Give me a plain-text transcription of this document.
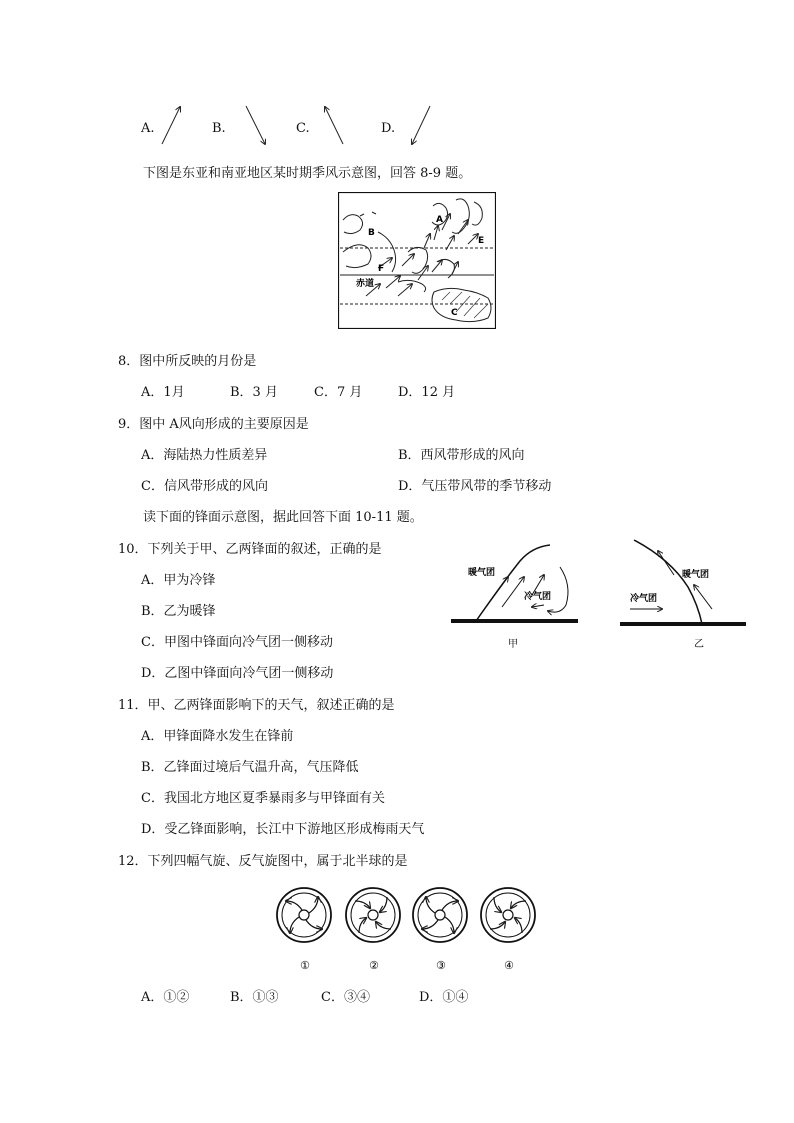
A.	B.	C.	D.
下图是东亚和南亚地区某时期季风示意图，回答 8-9 题。
A
B
C
E
F
赤道
8．图中所反映的月份是
A．1月	B．3 月	C．7 月	D．12 月
9．图中 A风向形成的主要原因是
A．海陆热力性质差异	B．西风带形成的风向
C．信风带形成的风向	D．气压带风带的季节移动
读下面的锋面示意图，据此回答下面 10-11 题。
暖气团
冷气团
甲
暖气团
冷气团
乙
10．下列关于甲、乙两锋面的叙述，正确的是
A．甲为冷锋
B．乙为暖锋
C．甲图中锋面向冷气团一侧移动
D．乙图中锋面向冷气团一侧移动
11．甲、乙两锋面影响下的天气，叙述正确的是
A．甲锋面降水发生在锋前
B．乙锋面过境后气温升高，气压降低
C．我国北方地区夏季暴雨多与甲锋面有关
D．受乙锋面影响，长江中下游地区形成梅雨天气
12．下列四幅气旋、反气旋图中，属于北半球的是
①	②	③	④
A．①②	B．①③	C．③④	D．①④
